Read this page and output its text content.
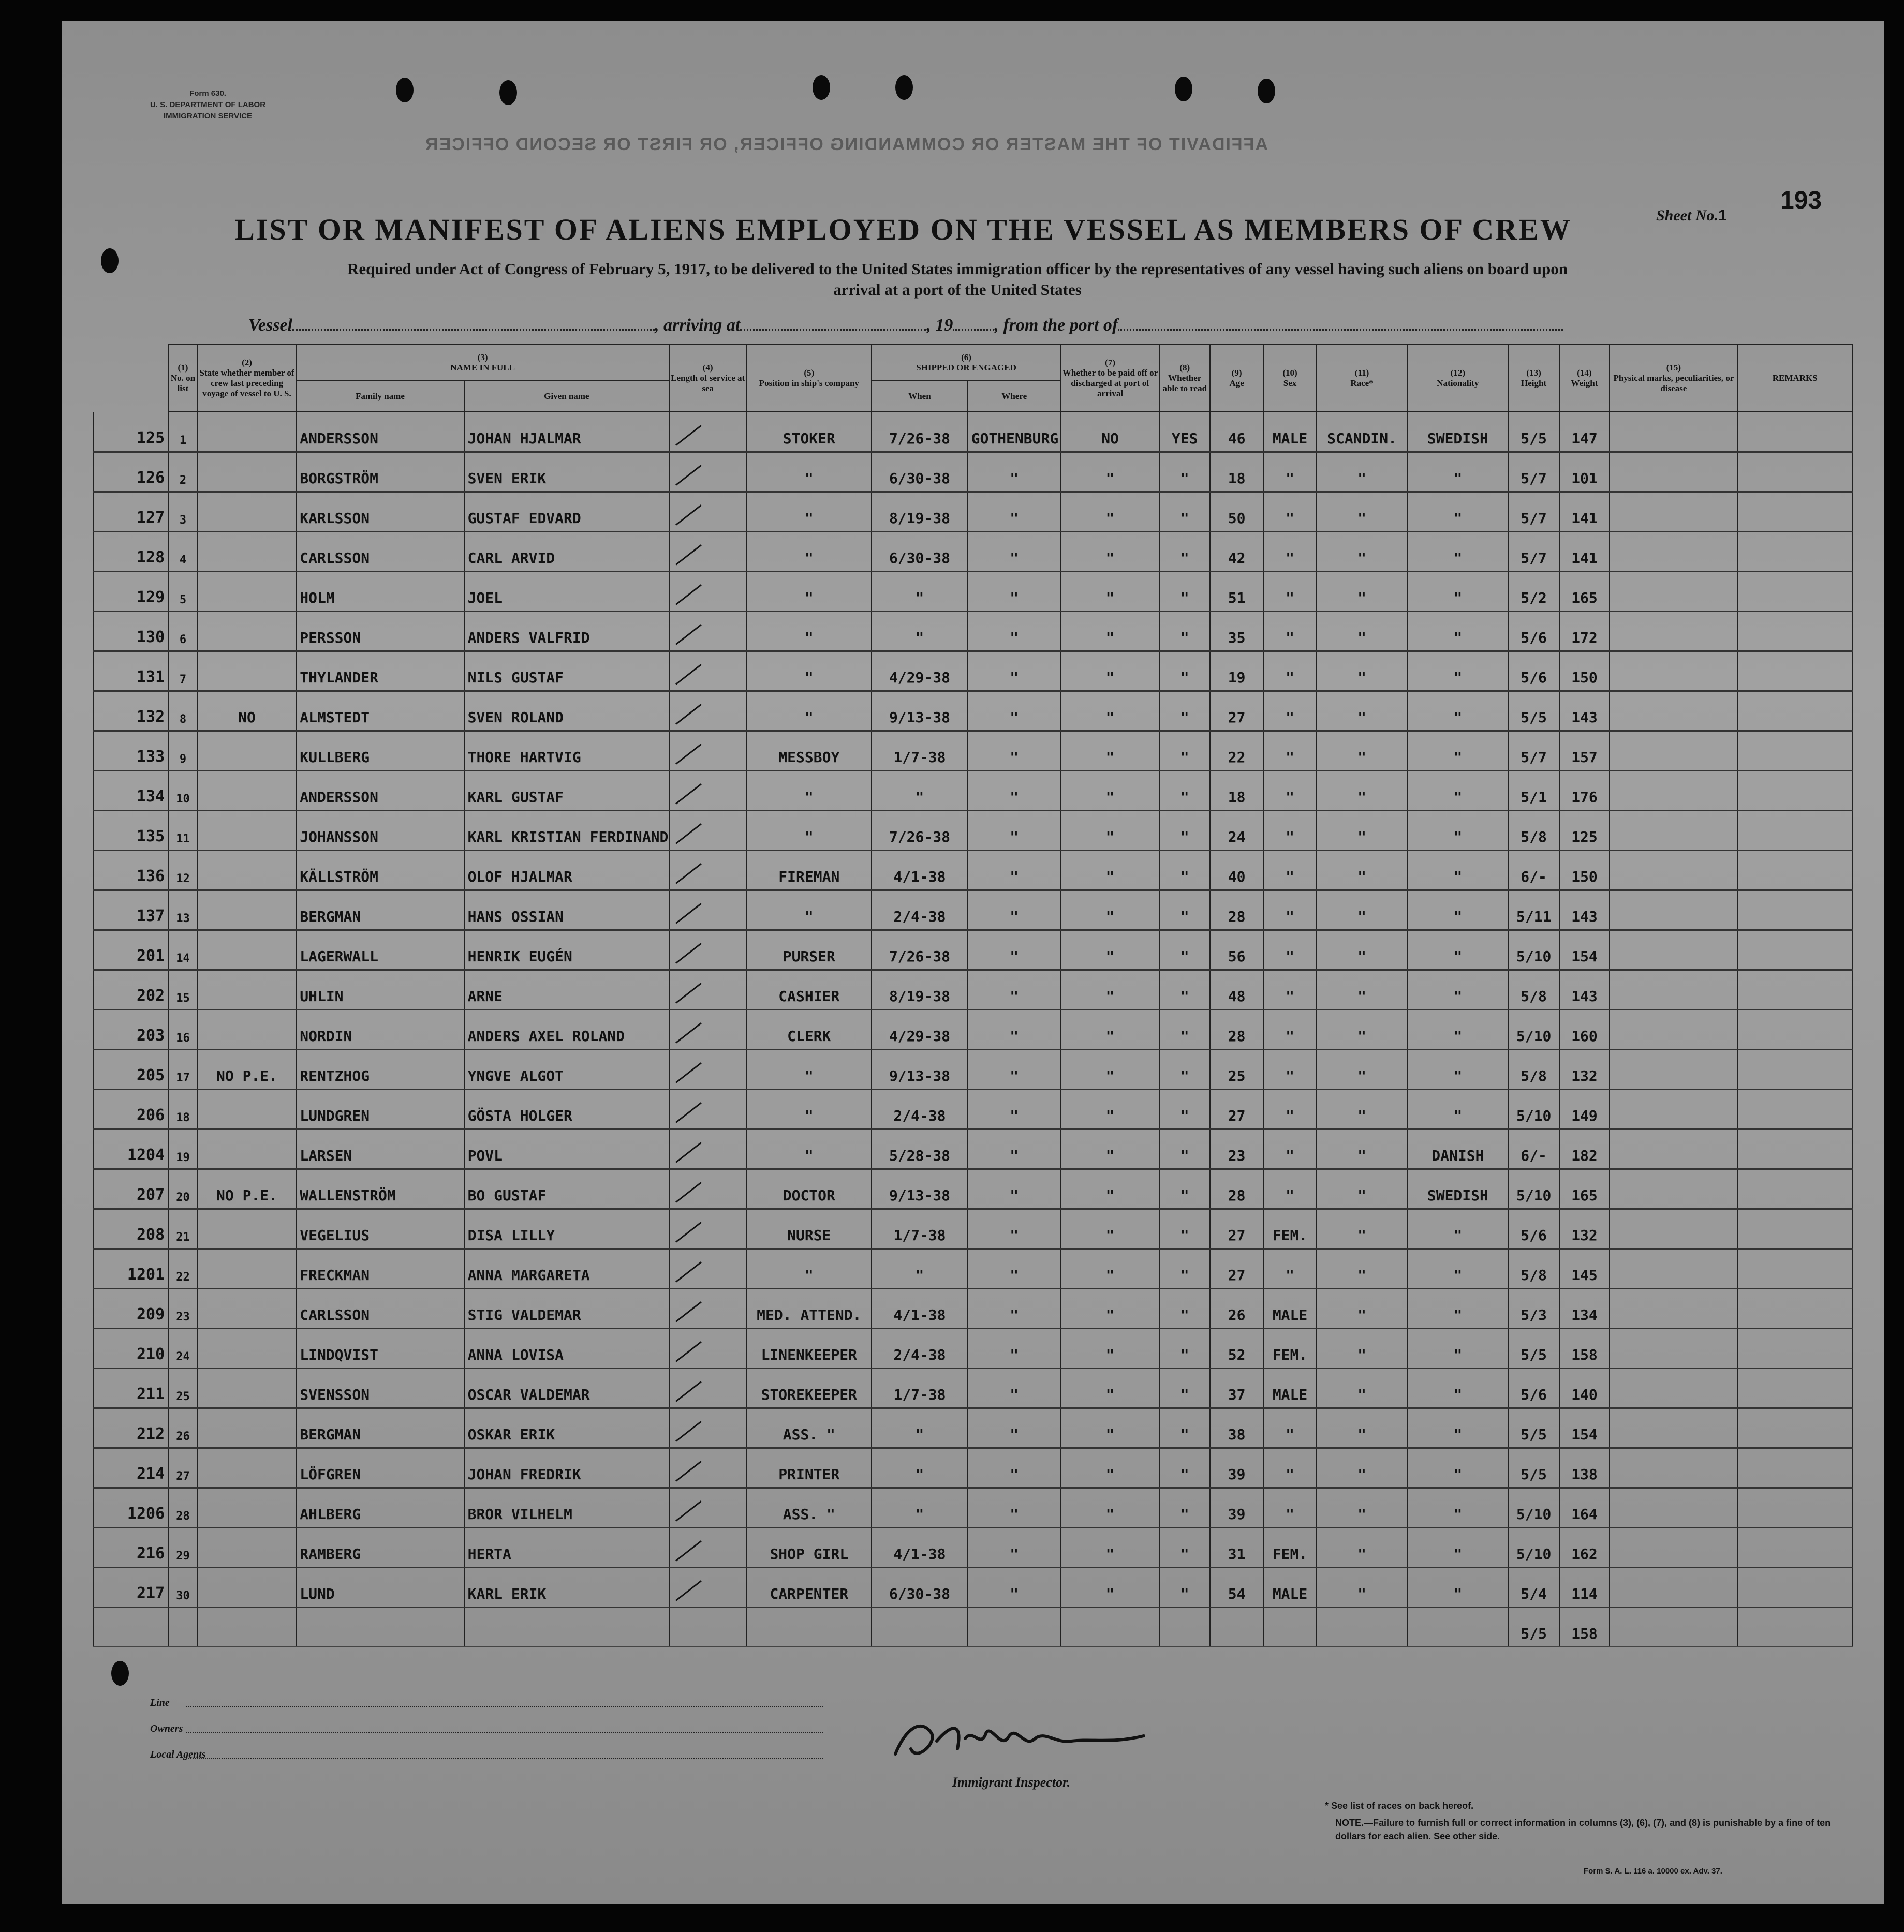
Form 630.
U. S. DEPARTMENT OF LABOR
IMMIGRATION SERVICE
AFFIDAVIT OF THE MASTER OR COMMANDING OFFICER, OR FIRST OR SECOND OFFICER
Sheet No. 1
193
LIST OR MANIFEST OF ALIENS EMPLOYED ON THE VESSEL AS MEMBERS OF CREW
Required under Act of Congress of February 5, 1917, to be delivered to the United States immigration officer by the representatives of any vessel having such aliens on board upon
arrival at a port of the United States
Vessel	, arriving at	, 19 , from the port of
	(1)
No. on list	(2)
State whether member of crew last preceding voyage of vessel to U. S.	(3)
NAME IN FULL		(4)
Length of service at sea	(5)
Position in ship's company	(6)
SHIPPED OR ENGAGED		(7)
Whether to be paid off or discharged at port of arrival	(8)
Whether able to read	(9)
Age	(10)
Sex	(11)
Race*	(12)
Nationality	(13)
Height	(14)
Weight	(15)
Physical marks, peculiarities, or disease	REMARKS
			Family name	Given name			When	Where										
125	1		ANDERSSON	JOHAN HJALMAR		STOKER	7/26-38	GOTHENBURG	NO	YES	46	MALE	SCANDIN.	SWEDISH	5/5	147		
126	2		BORGSTRÖM	SVEN ERIK		"	6/30-38	"	"	"	18	"	"	"	5/7	101		
127	3		KARLSSON	GUSTAF EDVARD		"	8/19-38	"	"	"	50	"	"	"	5/7	141		
128	4		CARLSSON	CARL ARVID		"	6/30-38	"	"	"	42	"	"	"	5/7	141		
129	5		HOLM	JOEL		"	"	"	"	"	51	"	"	"	5/2	165		
130	6		PERSSON	ANDERS VALFRID		"	"	"	"	"	35	"	"	"	5/6	172		
131	7		THYLANDER	NILS GUSTAF		"	4/29-38	"	"	"	19	"	"	"	5/6	150		
132	8	NO	ALMSTEDT	SVEN ROLAND		"	9/13-38	"	"	"	27	"	"	"	5/5	143		
133	9		KULLBERG	THORE HARTVIG		MESSBOY	1/7-38	"	"	"	22	"	"	"	5/7	157		
134	10		ANDERSSON	KARL GUSTAF		"	"	"	"	"	18	"	"	"	5/1	176		
135	11		JOHANSSON	KARL KRISTIAN FERDINAND		"	7/26-38	"	"	"	24	"	"	"	5/8	125		
136	12		KÄLLSTRÖM	OLOF HJALMAR		FIREMAN	4/1-38	"	"	"	40	"	"	"	6/-	150		
137	13		BERGMAN	HANS OSSIAN		"	2/4-38	"	"	"	28	"	"	"	5/11	143		
201	14		LAGERWALL	HENRIK EUGÉN		PURSER	7/26-38	"	"	"	56	"	"	"	5/10	154		
202	15		UHLIN	ARNE		CASHIER	8/19-38	"	"	"	48	"	"	"	5/8	143		
203	16		NORDIN	ANDERS AXEL ROLAND		CLERK	4/29-38	"	"	"	28	"	"	"	5/10	160		
205	17	NO P.E.	RENTZHOG	YNGVE ALGOT		"	9/13-38	"	"	"	25	"	"	"	5/8	132		
206	18		LUNDGREN	GÖSTA HOLGER		"	2/4-38	"	"	"	27	"	"	"	5/10	149		
1204	19		LARSEN	POVL		"	5/28-38	"	"	"	23	"	"	DANISH	6/-	182		
207	20	NO P.E.	WALLENSTRÖM	BO GUSTAF		DOCTOR	9/13-38	"	"	"	28	"	"	SWEDISH	5/10	165		
208	21		VEGELIUS	DISA LILLY		NURSE	1/7-38	"	"	"	27	FEM.	"	"	5/6	132		
1201	22		FRECKMAN	ANNA MARGARETA		"	"	"	"	"	27	"	"	"	5/8	145		
209	23		CARLSSON	STIG VALDEMAR		MED. ATTEND.	4/1-38	"	"	"	26	MALE	"	"	5/3	134		
210	24		LINDQVIST	ANNA LOVISA		LINENKEEPER	2/4-38	"	"	"	52	FEM.	"	"	5/5	158		
211	25		SVENSSON	OSCAR VALDEMAR		STOREKEEPER	1/7-38	"	"	"	37	MALE	"	"	5/6	140		
212	26		BERGMAN	OSKAR ERIK		ASS. "	"	"	"	"	38	"	"	"	5/5	154		
214	27		LÖFGREN	JOHAN FREDRIK		PRINTER	"	"	"	"	39	"	"	"	5/5	138		
1206	28		AHLBERG	BROR VILHELM		ASS. "	"	"	"	"	39	"	"	"	5/10	164		
216	29		RAMBERG	HERTA		SHOP GIRL	4/1-38	"	"	"	31	FEM.	"	"	5/10	162		
217	30		LUND	KARL ERIK		CARPENTER	6/30-38	"	"	"	54	MALE	"	"	5/4	114		
															5/5	158		
Line
Owners
Local Agents
Immigrant Inspector.
* See list of races on back hereof.
NOTE.—Failure to furnish full or correct information in columns (3), (6), (7), and (8) is punishable by a fine of ten dollars for each alien. See other side.
Form S. A. L. 116 a. 10000 ex. Adv. 37.
